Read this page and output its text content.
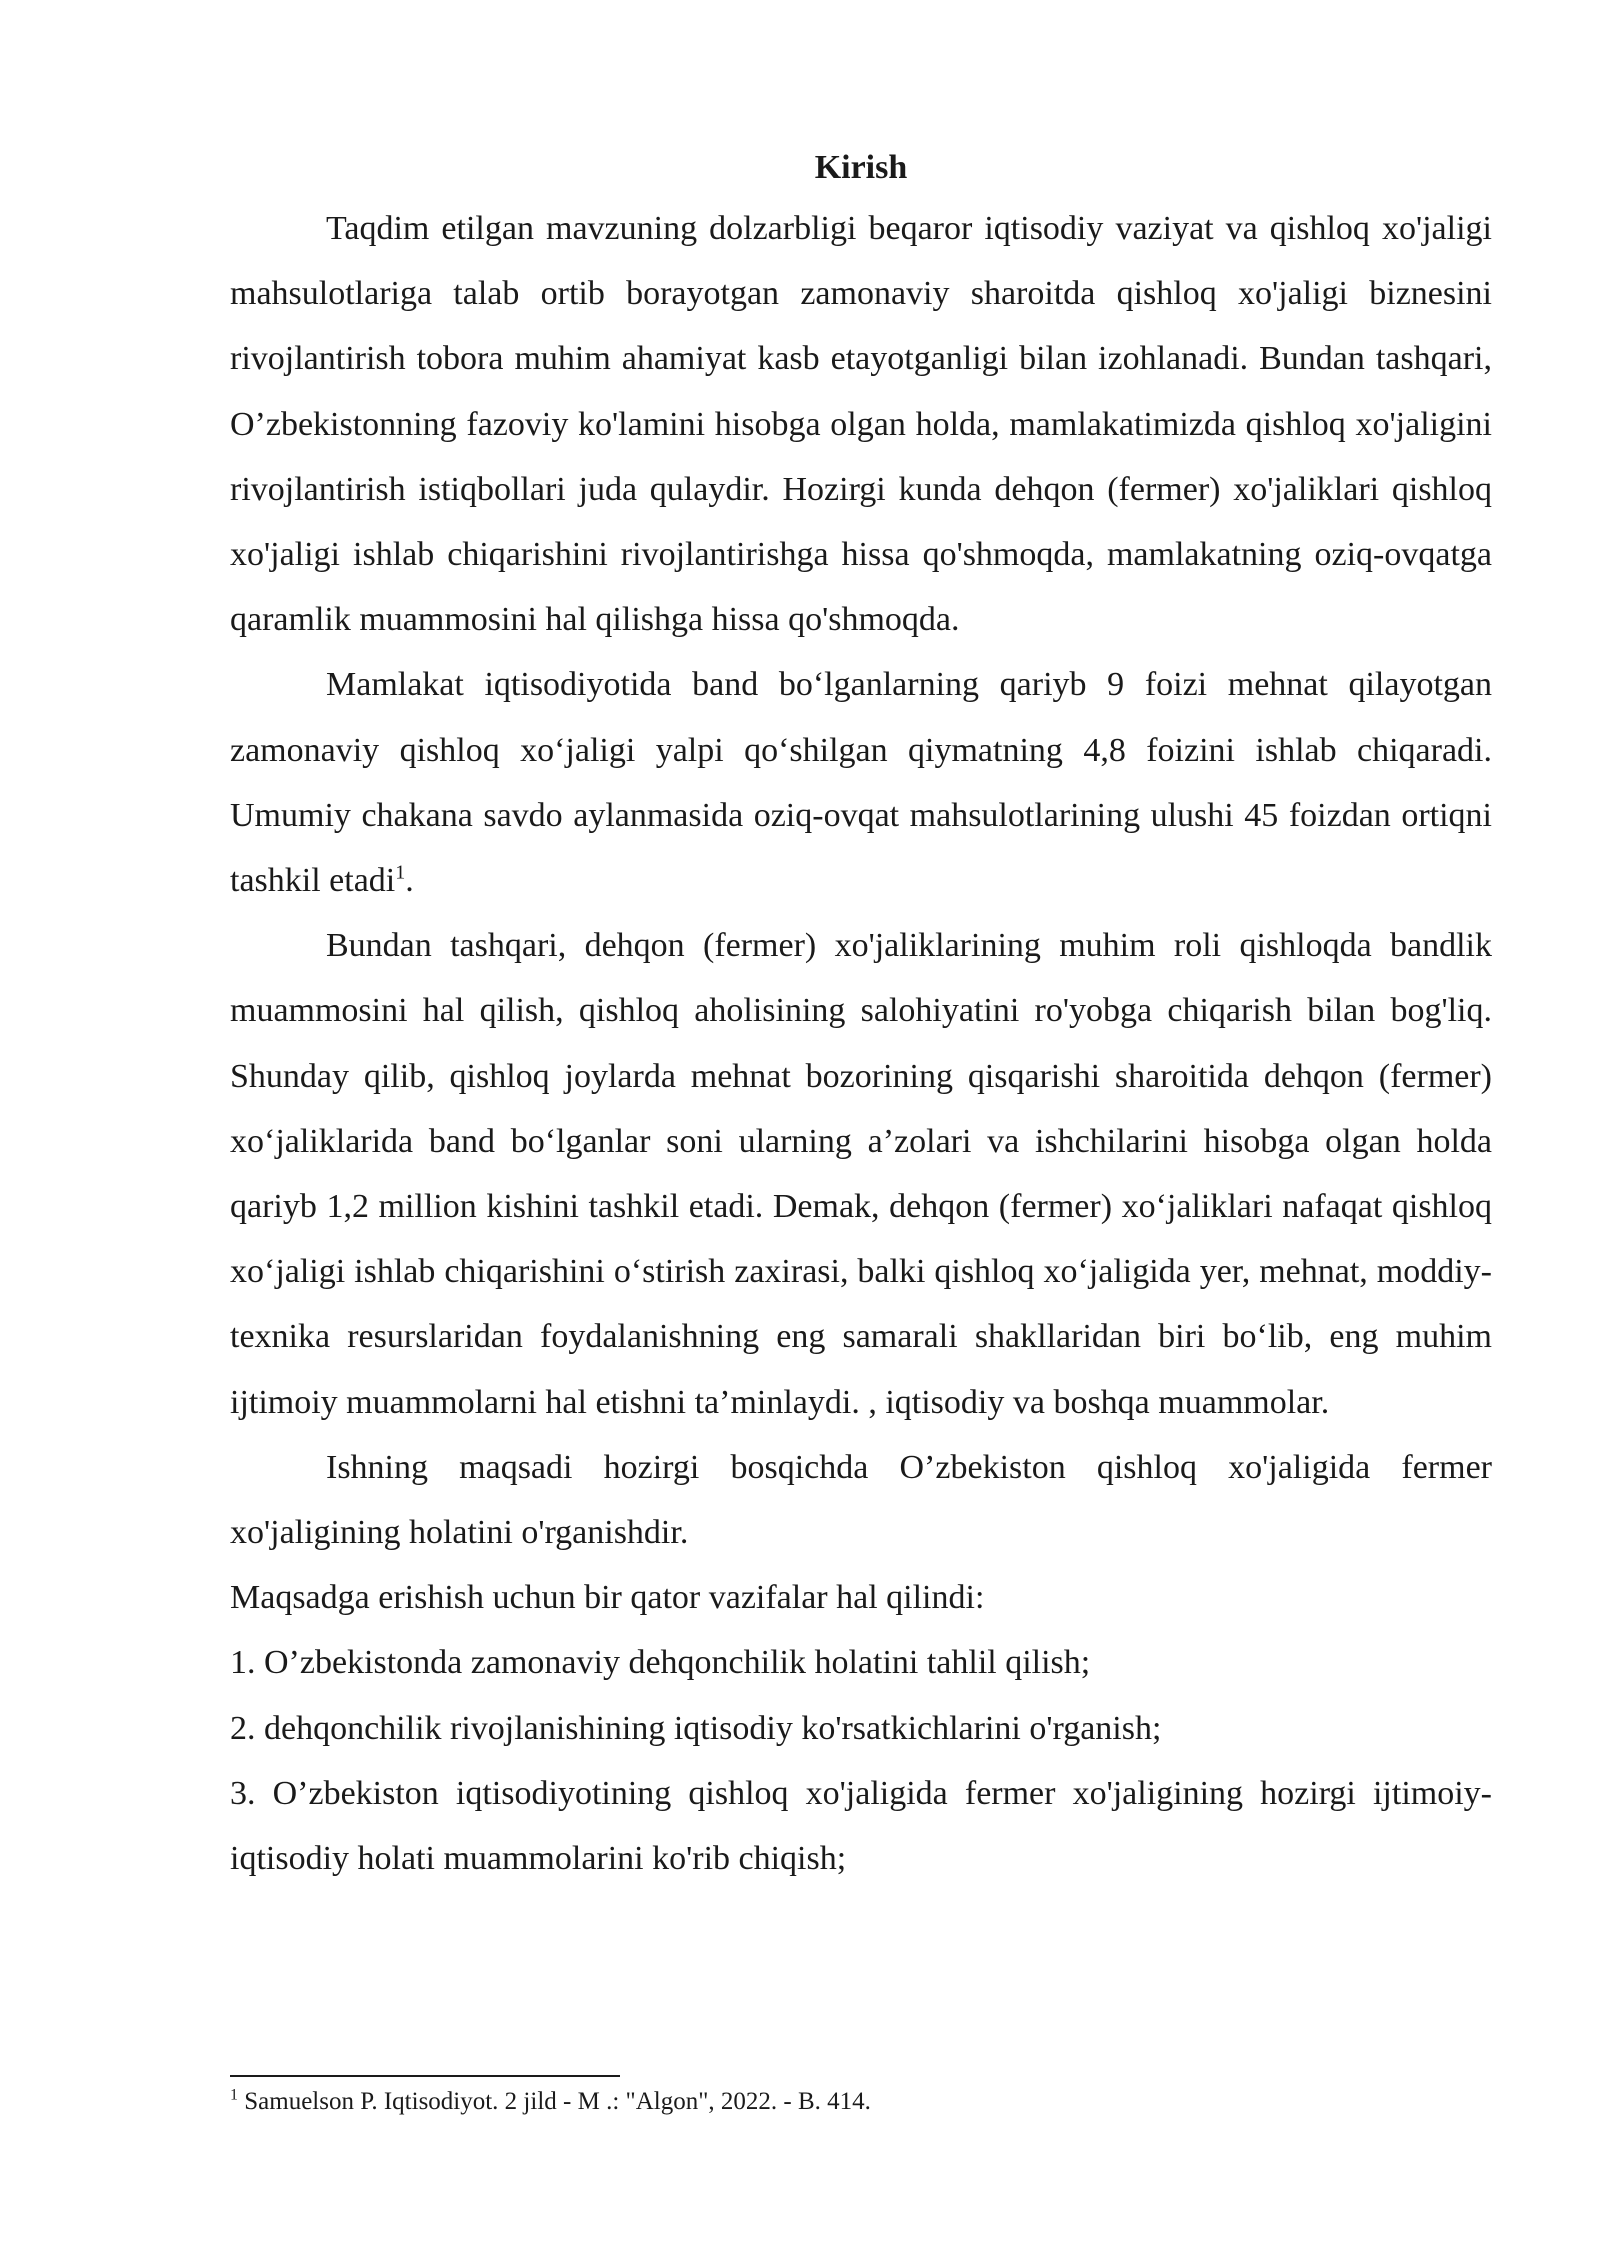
Kirish

Taqdim etilgan mavzuning dolzarbligi beqaror iqtisodiy vaziyat va qishloq xo'jaligi mahsulotlariga talab ortib borayotgan zamonaviy sharoitda qishloq xo'jaligi biznesini rivojlantirish tobora muhim ahamiyat kasb etayotganligi bilan izohlanadi. Bundan tashqari, O’zbekistonning fazoviy ko'lamini hisobga olgan holda, mamlakatimizda qishloq xo'jaligini rivojlantirish istiqbollari juda qulaydir. Hozirgi kunda dehqon (fermer) xo'jaliklari qishloq xo'jaligi ishlab chiqarishini rivojlantirishga hissa qo'shmoqda, mamlakatning oziq-ovqatga qaramlik muammosini hal qilishga hissa qo'shmoqda.

Mamlakat iqtisodiyotida band bo‘lganlarning qariyb 9 foizi mehnat qilayotgan zamonaviy qishloq xo‘jaligi yalpi qo‘shilgan qiymatning 4,8 foizini ishlab chiqaradi. Umumiy chakana savdo aylanmasida oziq-ovqat mahsulotlarining ulushi 45 foizdan ortiqni tashkil etadi$^1$.

Bundan tashqari, dehqon (fermer) xo'jaliklarining muhim roli qishloqda bandlik muammosini hal qilish, qishloq aholisining salohiyatini ro'yobga chiqarish bilan bog'liq. Shunday qilib, qishloq joylarda mehnat bozorining qisqarishi sharoitida dehqon (fermer) xo‘jaliklarida band bo‘lganlar soni ularning a’zolari va ishchilarini hisobga olgan holda qariyb 1,2 million kishini tashkil etadi. Demak, dehqon (fermer) xo‘jaliklari nafaqat qishloq xo‘jaligi ishlab chiqarishini o‘stirish zaxirasi, balki qishloq xo‘jaligida yer, mehnat, moddiy-texnika resurslaridan foydalanishning eng samarali shakllaridan biri bo‘lib, eng muhim ijtimoiy muammolarni hal etishni ta’minlaydi. , iqtisodiy va boshqa muammolar.

Ishning maqsadi hozirgi bosqichda O’zbekiston qishloq xo'jaligida fermer xo'jaligining holatini o'rganishdir.

Maqsadga erishish uchun bir qator vazifalar hal qilindi:

1. O’zbekistonda zamonaviy dehqonchilik holatini tahlil qilish;

2. dehqonchilik rivojlanishining iqtisodiy ko'rsatkichlarini o'rganish;

3. O’zbekiston iqtisodiyotining qishloq xo'jaligida fermer xo'jaligining hozirgi ijtimoiy-iqtisodiy holati muammolarini ko'rib chiqish;

$^1$ Samuelson P. Iqtisodiyot. 2 jild - M .: "Algon", 2022. - B. 414.
